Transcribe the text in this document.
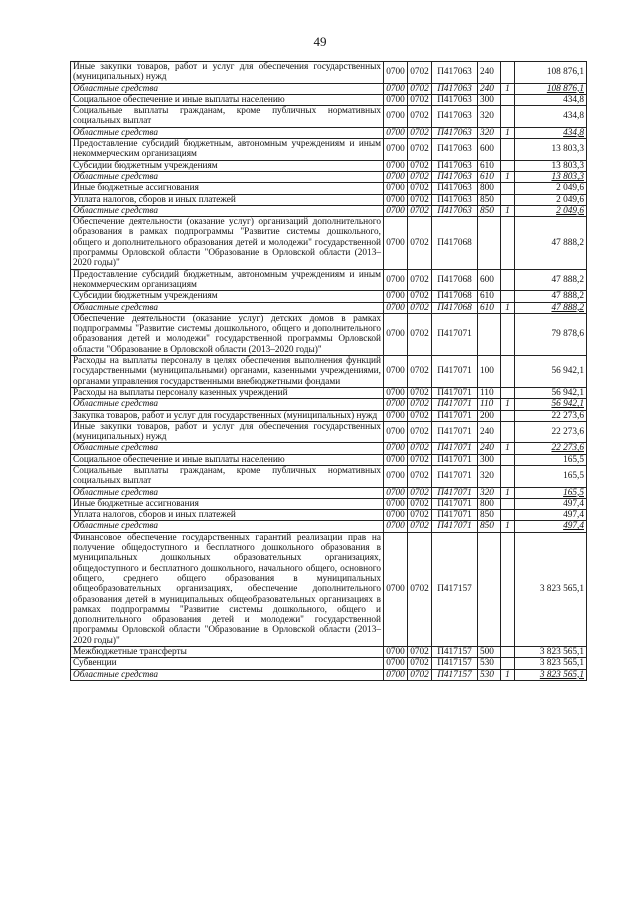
49
Иные закупки товаров, работ и услуг для обеспечения государственных (муниципальных) нужд	0700	0702	П417063	240		108 876,1
Областные средства	0700	0702	П417063	240	1	108 876,1
Социальное обеспечение и иные выплаты населению	0700	0702	П417063	300		434,8
Социальные выплаты гражданам, кроме публичных нормативных социальных выплат	0700	0702	П417063	320		434,8
Областные средства	0700	0702	П417063	320	1	434,8
Предоставление субсидий бюджетным, автономным учреждениям и иным некоммерческим организациям	0700	0702	П417063	600		13 803,3
Субсидии бюджетным учреждениям	0700	0702	П417063	610		13 803,3
Областные средства	0700	0702	П417063	610	1	13 803,3
Иные бюджетные ассигнования	0700	0702	П417063	800		2 049,6
Уплата налогов, сборов и иных платежей	0700	0702	П417063	850		2 049,6
Областные средства	0700	0702	П417063	850	1	2 049,6
Обеспечение деятельности (оказание услуг) организаций дополнительного образования в рамках подпрограммы "Развитие системы дошкольного, общего и дополнительного образования детей и молодежи" государственной программы Орловской области "Образование в Орловской области (2013–2020 годы)"	0700	0702	П417068			47 888,2
Предоставление субсидий бюджетным, автономным учреждениям и иным некоммерческим организациям	0700	0702	П417068	600		47 888,2
Субсидии бюджетным учреждениям	0700	0702	П417068	610		47 888,2
Областные средства	0700	0702	П417068	610	1	47 888,2
Обеспечение деятельности (оказание услуг) детских домов в рамках подпрограммы "Развитие системы дошкольного, общего и дополнительного образования детей и молодежи" государственной программы Орловской области "Образование в Орловской области (2013–2020 годы)"	0700	0702	П417071			79 878,6
Расходы на выплаты персоналу в целях обеспечения выполнения функций государственными (муниципальными) органами, казенными учреждениями, органами управления государственными внебюджетными фондами	0700	0702	П417071	100		56 942,1
Расходы на выплаты персоналу казенных учреждений	0700	0702	П417071	110		56 942,1
Областные средства	0700	0702	П417071	110	1	56 942,1
Закупка товаров, работ и услуг для государственных (муниципальных) нужд	0700	0702	П417071	200		22 273,6
Иные закупки товаров, работ и услуг для обеспечения государственных (муниципальных) нужд	0700	0702	П417071	240		22 273,6
Областные средства	0700	0702	П417071	240	1	22 273,6
Социальное обеспечение и иные выплаты населению	0700	0702	П417071	300		165,5
Социальные выплаты гражданам, кроме публичных нормативных социальных выплат	0700	0702	П417071	320		165,5
Областные средства	0700	0702	П417071	320	1	165,5
Иные бюджетные ассигнования	0700	0702	П417071	800		497,4
Уплата налогов, сборов и иных платежей	0700	0702	П417071	850		497,4
Областные средства	0700	0702	П417071	850	1	497,4
Финансовое обеспечение государственных гарантий реализации прав на получение общедоступного и бесплатного дошкольного образования в муниципальных дошкольных образовательных организациях, общедоступного и бесплатного дошкольного, начального общего, основного общего, среднего общего образования в муниципальных общеобразовательных организациях, обеспечение дополнительного образования детей в муниципальных общеобразовательных организациях в рамках подпрограммы "Развитие системы дошкольного, общего и дополнительного образования детей и молодежи" государственной программы Орловской области "Образование в Орловской области (2013–2020 годы)"	0700	0702	П417157			3 823 565,1
Межбюджетные трансферты	0700	0702	П417157	500		3 823 565,1
Субвенции	0700	0702	П417157	530		3 823 565,1
Областные средства	0700	0702	П417157	530	1	3 823 565,1
